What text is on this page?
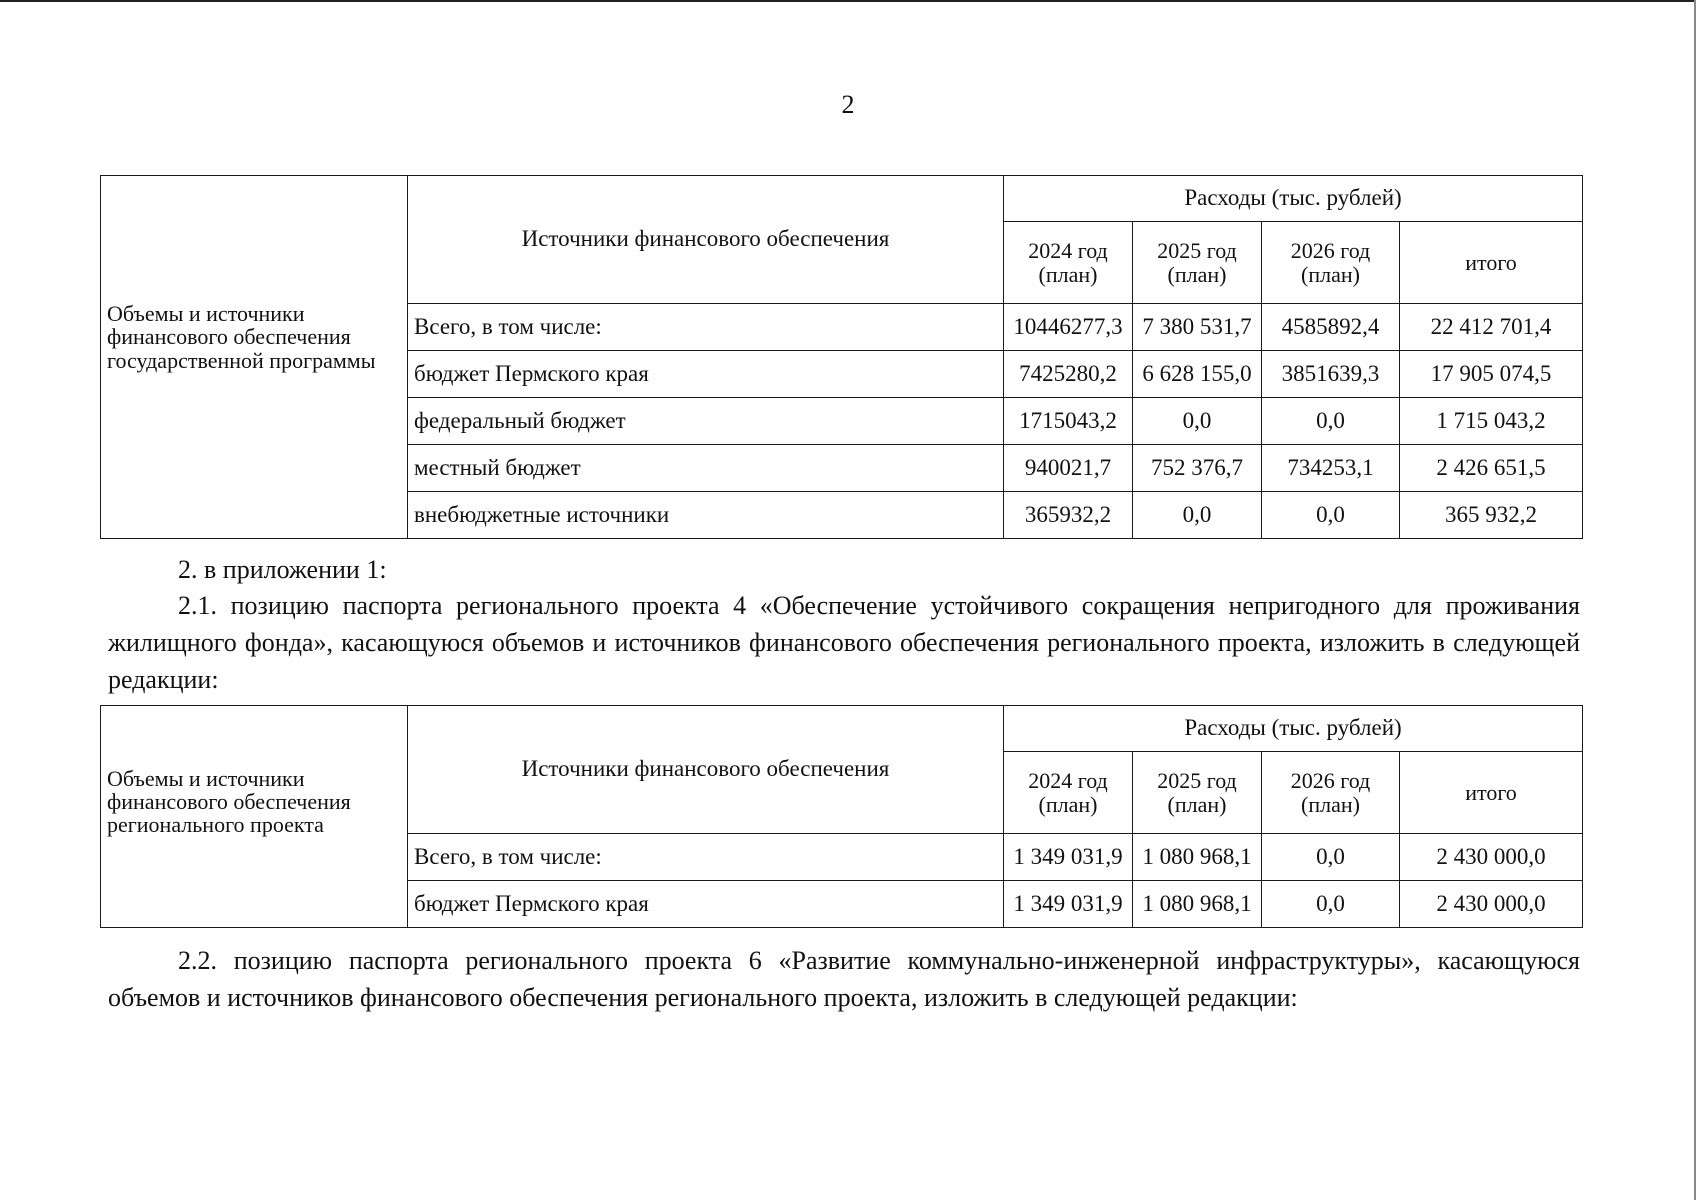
2
Объемы и источники финансового обеспечения государственной программы	Источники финансового обеспечения	Расходы (тыс. рублей)			
		2024 год (план)	2025 год (план)	2026 год (план)	итого
	Всего, в том числе:	10446277,3	7 380 531,7	4585892,4	22 412 701,4
	бюджет Пермского края	7425280,2	6 628 155,0	3851639,3	17 905 074,5
	федеральный бюджет	1715043,2	0,0	0,0	1 715 043,2
	местный бюджет	940021,7	752 376,7	734253,1	2 426 651,5
	внебюджетные источники	365932,2	0,0	0,0	365 932,2
2. в приложении 1:
2.1. позицию паспорта регионального проекта 4 «Обеспечение устойчивого сокращения непригодного для проживания жилищного фонда», касающуюся объемов и источников финансового обеспечения регионального проекта, изложить в следующей редакции:
Объемы и источники финансового обеспечения регионального проекта	Источники финансового обеспечения	Расходы (тыс. рублей)			
		2024 год (план)	2025 год (план)	2026 год (план)	итого
	Всего, в том числе:	1 349 031,9	1 080 968,1	0,0	2 430 000,0
	бюджет Пермского края	1 349 031,9	1 080 968,1	0,0	2 430 000,0
2.2. позицию паспорта регионального проекта 6 «Развитие коммунально-инженерной инфраструктуры», касающуюся объемов и источников финансового обеспечения регионального проекта, изложить в следующей редакции:
